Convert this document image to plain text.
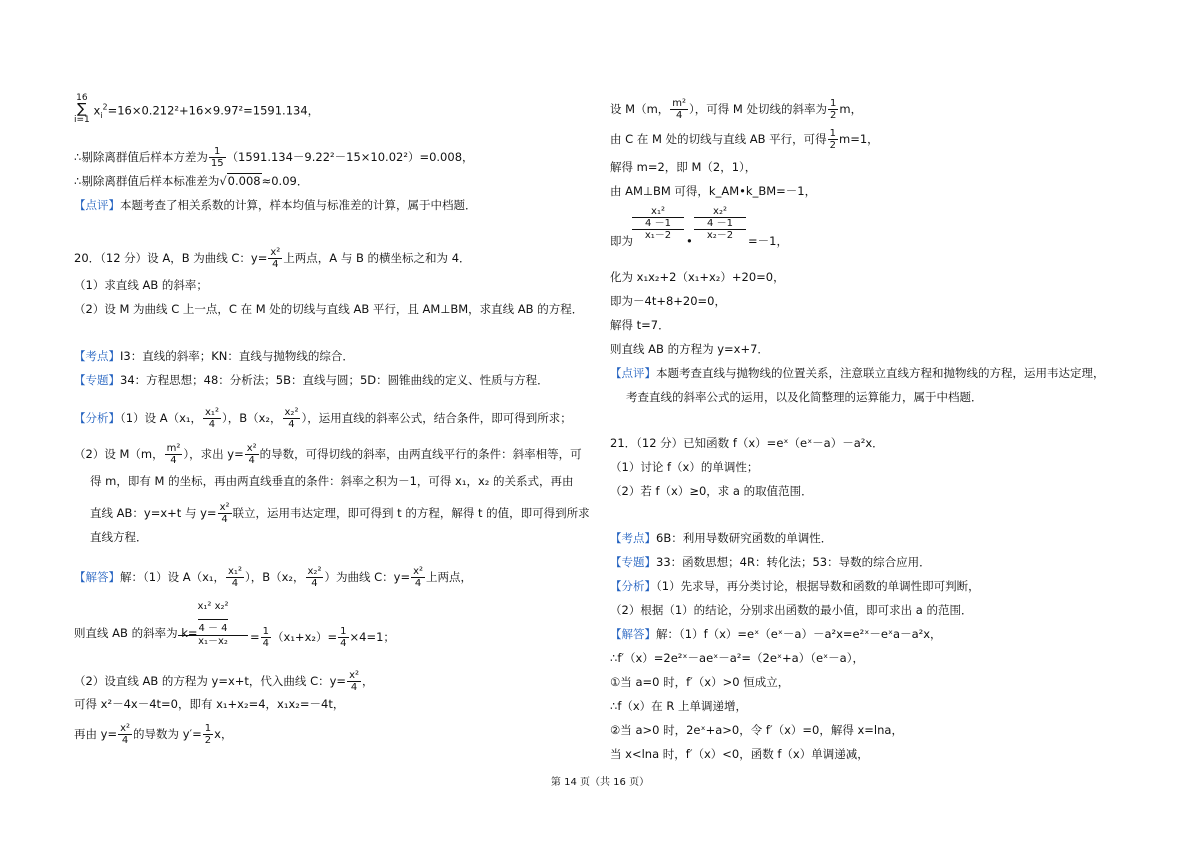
16
∑
i=1
$x_i^2=16\times 0.212^2+16\times 9.97^2=1591.134$，
∴剔除离群值后样本方差为 $\frac{1}{15} (1591.134-9.22^2-15\times 10.02^2)=0.008$，
∴剔除离群值后样本标准差为√0.008≈0.09．
【点评】本题考查了相关系数的计算，样本均值与标准差的计算，属于中档题．
20．（12 分）设 A，B 为曲线 C：$y= \frac{\text{x²}}{4}$ 上两点，A 与 B 的横坐标之和为 4．
（1）求直线 AB 的斜率；
（2）设 M 为曲线 C 上一点，C 在 M 处的切线与直线 AB 平行，且 AM⊥BM，求直线 AB 的方程．
【考点】I3：直线的斜率；KN：直线与抛物线的综合．
【专题】34：方程思想；48：分析法；5B：直线与圆；5D：圆锥曲线的定义、性质与方程．
【分析】（1）设 A（x₁， $\frac{\text{x₁²}}{4}$ ），B（x₂， $\frac{\text{x₂²}}{4}$ ），运用直线的斜率公式，结合条件，即可得到所求；
（2）设 M（m， $\frac{\text{m²}}{4}$ ），求出 $y= \frac{\text{x²}}{4}$ 的导数，可得切线的斜率，由两直线平行的条件：斜率相等，可
得 m，即有 M 的坐标，再由两直线垂直的条件：斜率之积为－1，可得 x₁，x₂ 的关系式，再由
直线 AB：y=x+t 与 $y= \frac{\text{x²}}{4}$ 联立，运用韦达定理，即可得到 t 的方程，解得 t 的值，即可得到所求
直线方程．
【解答】解：（1）设 A（x₁， $\frac{\text{x₁²}}{4}$ ），B（x₂， $\frac{\text{x₂²}}{4}$ ）为曲线 C：$y= \frac{\text{x²}}{4}$ 上两点，
则直线 AB 的斜率为 k=
x₁² x₂²
4 － 4
x₁－x₂	= $\frac{1}{4} (x_1+x_2)= \frac{1}{4} \times 4=1$；
（2）设直线 AB 的方程为 y=x+t，代入曲线 C：$y= \frac{\text{x²}}{4}$ ，
可得 x²－4x－4t=0，即有 x₁+x₂=4，x₁x₂=－4t，
再由 $y= \frac{\text{x²}}{4}$ 的导数为 $y'= \frac{1}{2}$ x，
设 M（m， $\frac{\text{m²}}{4}$ ），可得 M 处切线的斜率为 $\frac{1}{2}$ m，
由 C 在 M 处的切线与直线 AB 平行，可得 $\frac{1}{2} m=1$，
解得 m=2，即 M（2，1），
由 AM⊥BM 可得，k_AM•k_BM=－1，
即为
x₁²
4 －1
x₁－2	•
x₂²
4 －1
x₂－2	=－1，
化为 x₁x₂+2（x₁+x₂）+20=0，
即为－4t+8+20=0，
解得 t=7．
则直线 AB 的方程为 y=x+7．
【点评】本题考查直线与抛物线的位置关系，注意联立直线方程和抛物线的方程，运用韦达定理，
考查直线的斜率公式的运用，以及化简整理的运算能力，属于中档题．
21．（12 分）已知函数 f（x）=eˣ（eˣ－a）－a²x．
（1）讨论 f（x）的单调性；
（2）若 f（x）≥0，求 a 的取值范围．
【考点】6B：利用导数研究函数的单调性．
【专题】33：函数思想；4R：转化法；53：导数的综合应用．
【分析】（1）先求导，再分类讨论，根据导数和函数的单调性即可判断，
（2）根据（1）的结论，分别求出函数的最小值，即可求出 a 的范围．
【解答】解：（1）f（x）=eˣ（eˣ－a）－a²x=e²ˣ－eˣa－a²x，
∴f′（x）=2e²ˣ－aeˣ－a²=（2eˣ+a）（eˣ－a），
①当 a=0 时，f′（x）>0 恒成立，
∴f（x）在 R 上单调递增，
②当 a>0 时，2eˣ+a>0，令 f′（x）=0，解得 x=lna，
当 x<lna 时，f′（x）<0，函数 f（x）单调递减，
第 14 页（共 16 页）
